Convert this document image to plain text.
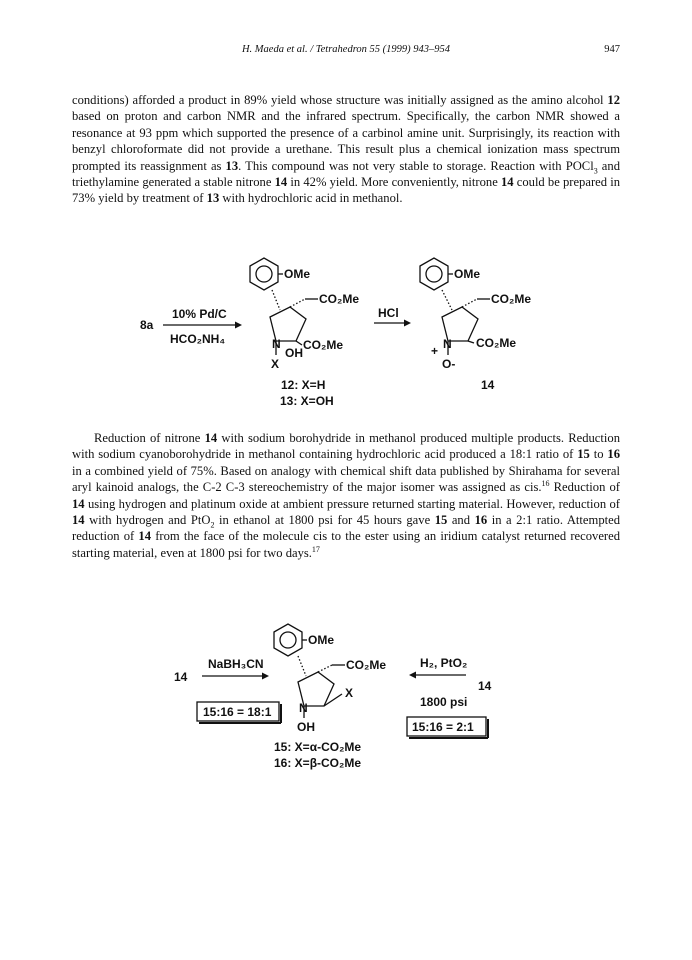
H. Maeda et al. / Tetrahedron 55 (1999) 943–954	947

conditions) afforded a product in 89% yield whose structure was initially assigned as the amino alcohol 12 based on proton and carbon NMR and the infrared spectrum. Specifically, the carbon NMR showed a resonance at 93 ppm which supported the presence of a carbinol amine unit. Surprisingly, its reaction with benzyl chloroformate did not provide a urethane. This result plus a chemical ionization mass spectrum prompted its reassignment as 13. This compound was not very stable to storage. Reaction with POCl$_3$ and triethylamine generated a stable nitrone 14 in 42% yield. More conveniently, nitrone 14 could be prepared in 73% yield by treatment of 13 with hydrochloric acid in methanol.

8a
10% Pd/C
HCO₂NH₄
OMe
CO₂Me
CO₂Me
OH
N
X
12: X=H
13: X=OH
HCl
OMe
CO₂Me
CO₂Me
+ N
O-
14

Reduction of nitrone 14 with sodium borohydride in methanol produced multiple products. Reduction with sodium cyanoborohydride in methanol containing hydrochloric acid produced a 18:1 ratio of 15 to 16 in a combined yield of 75%. Based on analogy with chemical shift data published by Shirahama for several aryl kainoid analogs, the C-2 C-3 stereochemistry of the major isomer was assigned as cis.$^{16}$ Reduction of 14 using hydrogen and platinum oxide at ambient pressure returned starting material. However, reduction of 14 with hydrogen and PtO$_2$ in ethanol at 1800 psi for 45 hours gave 15 and 16 in a 2:1 ratio. Attempted reduction of 14 from the face of the molecule cis to the ester using an iridium catalyst returned recovered starting material, even at 1800 psi for two days.$^{17}$

14
NaBH₃CN
15:16 = 18:1
OMe
CO₂Me
X
N
OH
H₂, PtO₂
1800 psi
14
15:16 = 2:1
15: X=α-CO₂Me
16: X=β-CO₂Me
